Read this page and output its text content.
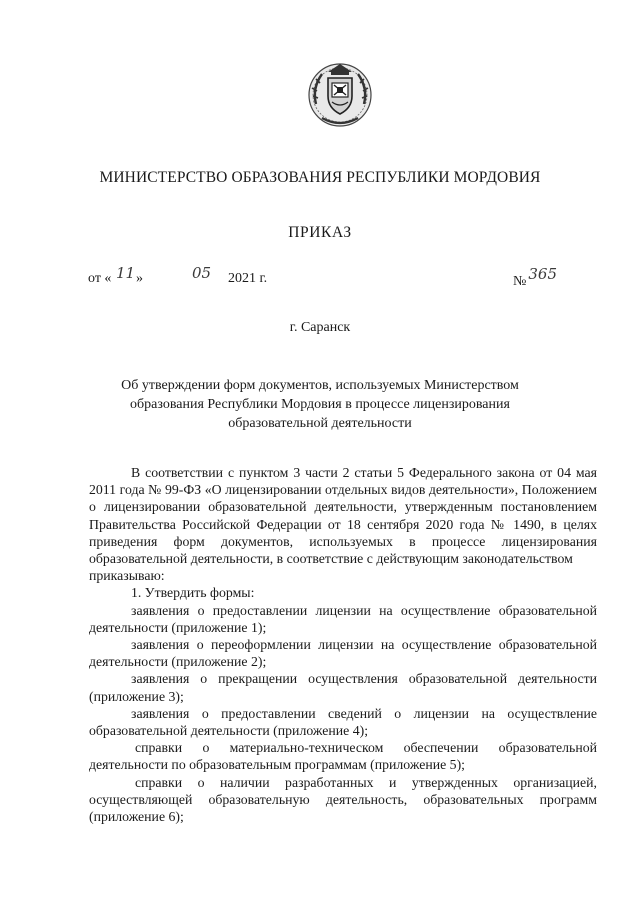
МИНИСТЕРСТВО ОБРАЗОВАНИЯ РЕСПУБЛИКИ МОРДОВИЯ
ПРИКАЗ
от « 11 »	05 2021 г.	№ 365
г. Саранск
Об утверждении форм документов, используемых Министерством образования Республики Мордовия в процессе лицензирования образовательной деятельности

В соответствии с пунктом 3 части 2 статьи 5 Федерального закона от 04 мая 2011 года № 99-ФЗ «О лицензировании отдельных видов деятельности», Положением о лицензировании образовательной деятельности, утвержденным постановлением Правительства Российской Федерации от 18 сентября 2020 года № 1490, в целях приведения форм документов, используемых в процессе лицензирования образовательной деятельности, в соответствие с действующим законодательством

приказываю:

1. Утвердить формы:

заявления о предоставлении лицензии на осуществление образовательной деятельности (приложение 1);

заявления о переоформлении лицензии на осуществление образовательной деятельности (приложение 2);

заявления о прекращении осуществления образовательной деятельности (приложение 3);

заявления о предоставлении сведений о лицензии на осуществление образовательной деятельности (приложение 4);

справки о материально-техническом обеспечении образовательной деятельности по образовательным программам (приложение 5);

справки о наличии разработанных и утвержденных организацией, осуществляющей образовательную деятельность, образовательных программ (приложение 6);
